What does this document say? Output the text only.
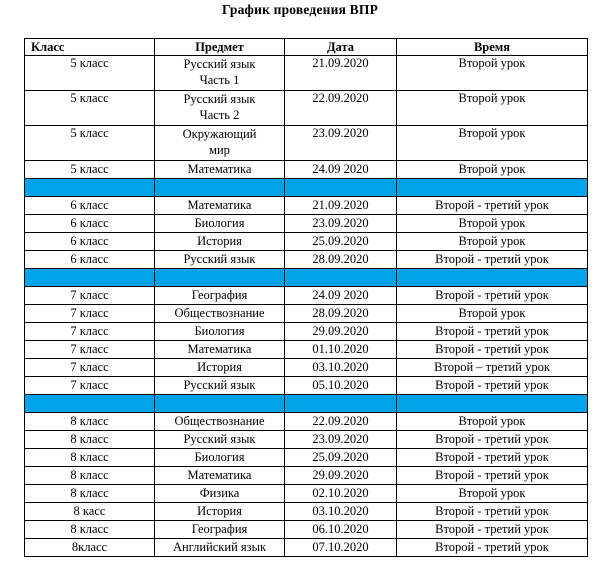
График проведения ВПР
Класс	Предмет	Дата	Время
5 класс	Русский язык Часть 1	21.09.2020	Второй урок
5 класс	Русский язык Часть 2	22.09.2020	Второй урок
5 класс	Окружающий мир	23.09.2020	Второй урок
5 класс	Математика	24.09 2020	Второй урок

6 класс	Математика	21.09.2020	Второй - третий урок
6 класс	Биология	23.09.2020	Второй урок
6 класс	История	25.09.2020	Второй урок
6 класс	Русский язык	28.09.2020	Второй - третий урок

7 класс	География	24.09 2020	Второй - третий урок
7 класс	Обществознание	28.09.2020	Второй урок
7 класс	Биология	29.09.2020	Второй - третий урок
7 класс	Математика	01.10.2020	Второй - третий урок
7 класс	История	03.10.2020	Второй – третий урок
7 класс	Русский язык	05.10.2020	Второй - третий урок

8 класс	Обществознание	22.09.2020	Второй урок
8 класс	Русский язык	23.09.2020	Второй - третий урок
8 класс	Биология	25.09.2020	Второй - третий урок
8 класс	Математика	29.09.2020	Второй - третий урок
8 класс	Физика	02.10.2020	Второй урок
8 касс	История	03.10.2020	Второй - третий урок
8 класс	География	06.10.2020	Второй - третий урок
8класс	Английский язык	07.10.2020	Второй - третий урок
